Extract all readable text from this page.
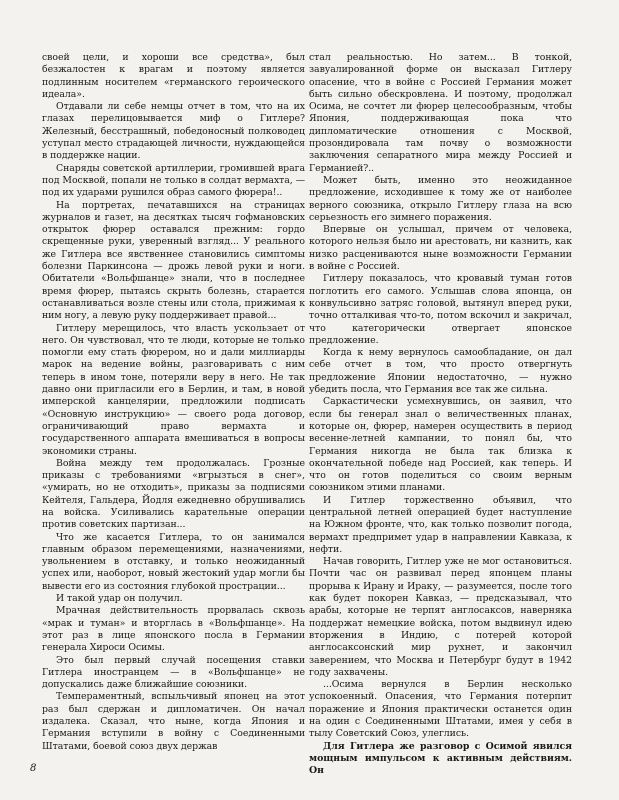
своей цели, и хороши все средства», был безжалостен к врагам и поэтому является подлинным носителем «германского героического идеала».

Отдавали ли себе немцы отчет в том, что на их глазах перелицовывается миф о Гитлере? Железный, бесстрашный, победоносный полководец уступал место страдающей личности, нуждающейся в поддержке нации.

Снаряды советской артиллерии, громившей врага под Москвой, попали не только в солдат вермахта, — под их ударами рушился образ самого фюрера!..

На портретах, печатавшихся на страницах журналов и газет, на десятках тысяч гофмановских открыток фюрер оставался прежним: гордо скрещенные руки, уверенный взгляд... У реального же Гитлера все явственнее становились симптомы болезни Паркинсона — дрожь левой руки и ноги. Обитатели «Вольфшанце» знали, что в последнее время фюрер, пытаясь скрыть болезнь, старается останавливаться возле стены или стола, прижимая к ним ногу, а левую руку поддерживает правой...

Гитлеру мерещилось, что власть ускользает от него. Он чувствовал, что те люди, которые не только помогли ему стать фюрером, но и дали миллиарды марок на ведение войны, разговаривать с ним теперь в ином тоне, потеряли веру в него. Не так давно они пригласили его в Берлин, и там, в новой имперской канцелярии, предложили подписать «Основную инструкцию» — своего рода договор, ограничивающий право вермахта и государственного аппарата вмешиваться в вопросы экономики страны.

Война между тем продолжалась. Грозные приказы с требованиями «вгрызться в снег», «умирать, но не отходить», приказы за подписями Кейтеля, Гальдера, Йодля ежедневно обрушивались на войска. Усиливались карательные операции против советских партизан...

Что же касается Гитлера, то он занимался главным образом перемещениями, назначениями, увольнением в отставку, и только неожиданный успех или, наоборот, новый жестокий удар могли бы вывести его из состояния глубокой прострации...

И такой удар он получил.

Мрачная действительность прорвалась сквозь «мрак и туман» и вторглась в «Вольфшанце». На этот раз в лице японского посла в Германии генерала Хироси Осимы.

Это был первый случай посещения ставки Гитлера иностранцем — в «Вольфшанце» не допускались даже ближайшие союзники.

Темпераментный, вспыльчивый японец на этот раз был сдержан и дипломатичен. Он начал издалека. Сказал, что ныне, когда Япония и Германия вступили в войну с Соединенными Штатами, боевой союз двух держав

стал реальностью. Но затем... В тонкой, завуалированной форме он высказал Гитлеру опасение, что в войне с Россией Германия может быть сильно обескровлена. И поэтому, продолжал Осима, не сочтет ли фюрер целесообразным, чтобы Япония, поддерживающая пока что дипломатические отношения с Москвой, прозондировала там почву о возможности заключения сепаратного мира между Россией и Германией?..

Может быть, именно это неожиданное предложение, исходившее к тому же от наиболее верного союзника, открыло Гитлеру глаза на всю серьезность его зимнего поражения.

Впервые он услышал, причем от человека, которого нельзя было ни арестовать, ни казнить, как низко расцениваются ныне возможности Германии в войне с Россией.

Гитлеру показалось, что кровавый туман готов поглотить его самого. Услышав слова японца, он конвульсивно затряс головой, вытянул вперед руки, точно отталкивая что-то, потом вскочил и закричал, что категорически отвергает японское предложение.

Когда к нему вернулось самообладание, он дал себе отчет в том, что просто отвергнуть предложение Японии недостаточно, — нужно убедить посла, что Германия все так же сильна.

Саркастически усмехнувшись, он заявил, что если бы генерал знал о величественных планах, которые он, фюрер, намерен осуществить в период весенне-летней кампании, то понял бы, что Германия никогда не была так близка к окончательной победе над Россией, как теперь. И что он готов поделиться со своим верным союзником этими планами.

И Гитлер торжественно объявил, что центральной летней операцией будет наступление на Южном фронте, что, как только позволит погода, вермахт предпримет удар в направлении Кавказа, к нефти.

Начав говорить, Гитлер уже не мог остановиться. Почти час он развивал перед японцем планы прорыва к Ирану и Ираку, — разумеется, после того как будет покорен Кавказ, — предсказывал, что арабы, которые не терпят англосаксов, наверняка поддержат немецкие войска, потом выдвинул идею вторжения в Индию, с потерей которой англосаксонский мир рухнет, и закончил заверением, что Москва и Петербург будут в 1942 году захвачены.

...Осима вернулся в Берлин несколько успокоенный. Опасения, что Германия потерпит поражение и Япония практически останется один на один с Соединенными Штатами, имея у себя в тылу Советский Союз, улеглись.

Для Гитлера же разговор с Осимой явился мощным импульсом к активным действиям. Он

8
